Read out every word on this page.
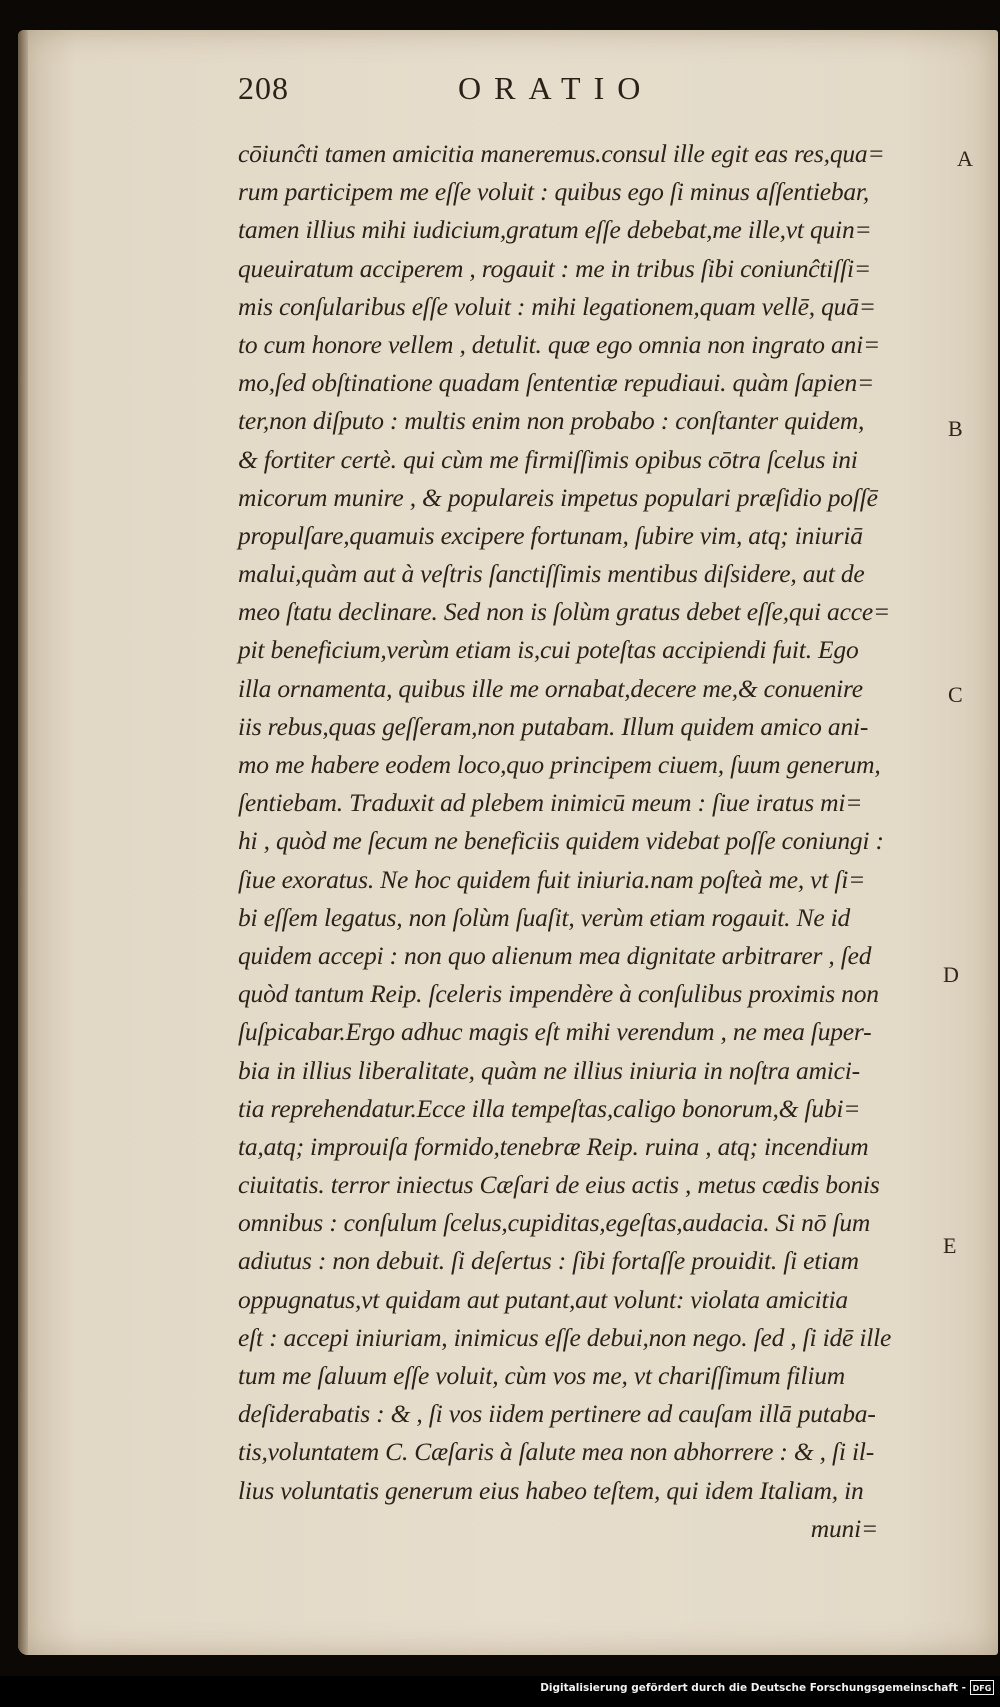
208	ORATIO
cōiunĉti tamen amicitia maneremus.consul ille egit eas res,qua=
rum participem me eſſe voluit : quibus ego ſi minus aſſentiebar,
tamen illius mihi iudicium,gratum eſſe debebat,me ille,vt quin=
queuiratum acciperem , rogauit : me in tribus ſibi coniunĉtiſſi=
mis conſularibus eſſe voluit : mihi legationem,quam vellē, quā=
to cum honore vellem , detulit. quæ ego omnia non ingrato ani=
mo,ſed obſtinatione quadam ſententiæ repudiaui. quàm ſapien=
ter,non diſputo : multis enim non probabo : conſtanter quidem,
& fortiter certè. qui cùm me firmiſſimis opibus cōtra ſcelus ini
micorum munire , & populareis impetus populari præſidio poſſē
propulſare,quamuis excipere fortunam, ſubire vim, atq; iniuriā
malui,quàm aut à veſtris ſanctiſſimis mentibus diſsidere, aut de
meo ſtatu declinare. Sed non is ſolùm gratus debet eſſe,qui acce=
pit beneficium,verùm etiam is,cui poteſtas accipiendi fuit. Ego
illa ornamenta, quibus ille me ornabat,decere me,& conuenire
iis rebus,quas geſſeram,non putabam. Illum quidem amico ani-
mo me habere eodem loco,quo principem ciuem, ſuum generum,
ſentiebam. Traduxit ad plebem inimicū meum : ſiue iratus mi=
hi , quòd me ſecum ne beneficiis quidem videbat poſſe coniungi :
ſiue exoratus. Ne hoc quidem fuit iniuria.nam poſteà me, vt ſi=
bi eſſem legatus, non ſolùm ſuaſit, verùm etiam rogauit. Ne id
quidem accepi : non quo alienum mea dignitate arbitrarer , ſed
quòd tantum Reip. ſceleris impendère à conſulibus proximis non
ſuſpicabar.Ergo adhuc magis eſt mihi verendum , ne mea ſuper-
bia in illius liberalitate, quàm ne illius iniuria in noſtra amici-
tia reprehendatur.Ecce illa tempeſtas,caligo bonorum,& ſubi=
ta,atq; improuiſa formido,tenebræ Reip. ruina , atq; incendium
ciuitatis. terror iniectus Cæſari de eius actis , metus cædis bonis
omnibus : conſulum ſcelus,cupiditas,egeſtas,audacia. Si nō ſum
adiutus : non debuit. ſi deſertus : ſibi fortaſſe prouidit. ſi etiam
oppugnatus,vt quidam aut putant,aut volunt: violata amicitia
eſt : accepi iniuriam, inimicus eſſe debui,non nego. ſed , ſi idē ille
tum me ſaluum eſſe voluit, cùm vos me, vt chariſſimum filium
deſiderabatis : & , ſi vos iidem pertinere ad cauſam illā putaba-
tis,voluntatem C. Cæſaris à ſalute mea non abhorrere : & , ſi il-
lius voluntatis generum eius habeo teſtem, qui idem Italiam, in
muni=
A
B
C
D
E
Digitalisierung gefördert durch die Deutsche Forschungsgemeinschaft - DFG
